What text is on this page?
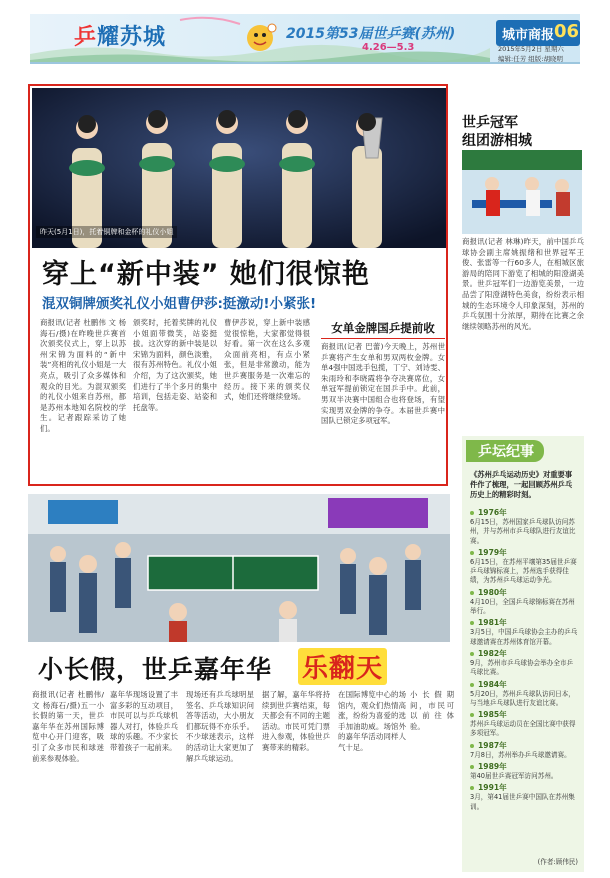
乒耀苏城	2015第53届世乒赛(苏州)
4.26—5.3
城市商报 06
2015年5月2日 星期六
编辑:任芳 组版:胡晓明
昨天(5月1日)，托着铜牌和金杯的礼仪小姐
穿上“新中装” 她们很惊艳
混双铜牌颁奖礼仪小姐曹伊莎:挺激动!小紧张!
商报讯(记者 杜鹏伟 文 杨海石/摄)在昨晚世乒赛首次颁奖仪式上，穿上以苏州宋锦为面料的“新中装”亮相的礼仪小姐是一大亮点，吸引了众多媒体和观众的目光。为混双颁奖的礼仪小姐来自苏州，都是苏州本地知名院校的学生。记者跟踪采访了她们。
颁奖时，托着奖牌的礼仪小姐面带微笑，站姿挺拔。这次穿的新中装是以宋锦为面料，颜色淡雅，很有苏州特色。礼仪小姐介绍，为了这次颁奖，她们进行了半个多月的集中培训，包括走姿、站姿和托盘等。
曹伊莎说，穿上新中装感觉很惊艳，大家都觉得很好看。第一次在这么多观众面前亮相，有点小紧张，但是非常激动，能为世乒赛服务是一次难忘的经历。接下来的颁奖仪式，她们还将继续登场。
女单金牌国乒提前收
商报讯(记者 巴蕾)今天晚上，苏州世乒赛将产生女单和男双两枚金牌。女单4强中国选手包揽，丁宁、刘诗雯、朱雨玲和李晓霞将争夺决赛席位，女单冠军提前锁定在国乒手中。此前，男双半决赛中国组合也将登场，有望实现男双金牌的争夺。本届世乒赛中国队已锁定多项冠军。
世乒冠军
组团游相城
商报讯(记者 林琳)昨天，前中国乒乓球协会副主席姚振绪和世界冠军王俊、张雷等一行60多人，在相城区旅游局的陪同下游览了相城的阳澄湖美景。世乒冠军们一边游览美景，一边品尝了阳澄湖特色美食，纷纷表示相城的生态环境令人印象深刻，苏州的乒乓氛围十分浓厚，期待在比赛之余继续领略苏州的风光。
乒坛纪事
《苏州乒乓运动历史》对重要事件作了梳理，一起回顾苏州乒乓历史上的精彩时刻。
1976年
6月15日，苏州国家乒乓球队访问苏州，并与苏州市乒乓球队进行友谊比赛。
1979年
6月15日，在苏州平壤第35届世乒赛乒乓球锦标赛上，苏州选手获得佳绩，为苏州乒乓球运动争光。
1980年
4月10日，全国乒乓球锦标赛在苏州举行。
1981年
3月5日，中国乒乓球协会主办的乒乓球邀请赛在苏州体育馆开幕。
1982年
9月，苏州市乒乓球协会举办全市乒乓球比赛。
1984年
5月20日，苏州乒乓球队访问日本，与当地乒乓球队进行友谊比赛。
1985年
苏州乒乓球运动员在全国比赛中获得多项冠军。
1987年
7月8日，苏州举办乒乓球邀请赛。
1989年
第40届世乒赛冠军访问苏州。
1991年
3月，第41届世乒赛中国队在苏州集训。
(作者:顾伟民)
小长假，世乒嘉年华 乐翻天
商报讯(记者 杜鹏伟/文 杨海石/摄)五一小长假的第一天，世乒嘉年华在苏州国际博览中心开门迎客，吸引了众多市民和球迷前来参观体验。
嘉年华现场设置了丰富多彩的互动项目，市民可以与乒乓球机器人对打，体验乒乓球的乐趣。不少家长带着孩子一起前来。
现场还有乒乓球明星签名、乒乓球知识问答等活动，大小朋友们都玩得不亦乐乎。不少球迷表示，这样的活动让大家更加了解乒乓球运动。
据了解，嘉年华将持续到世乒赛结束，每天都会有不同的主题活动。市民可凭门票进入参观，体验世乒赛带来的精彩。
在国际博览中心的场馆内，观众们热情高涨，纷纷为喜爱的选手加油助威。场馆外的嘉年华活动同样人气十足。
小长假期间，市民可以前往体验。
